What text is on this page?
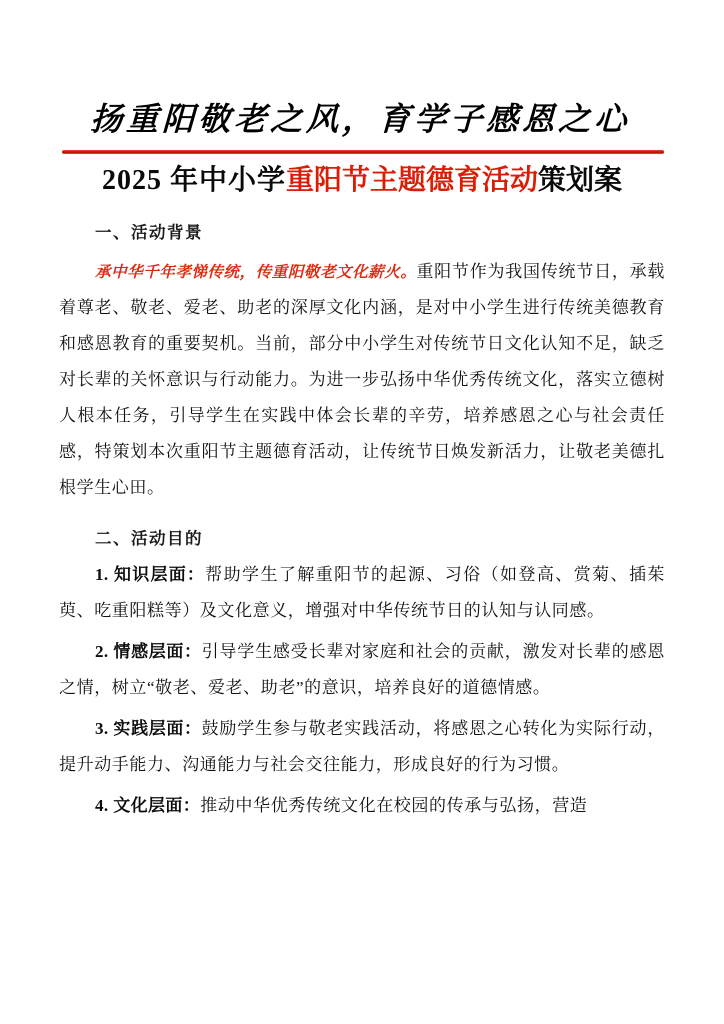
扬重阳敬老之风，育学子感恩之心
2025 年中小学重阳节主题德育活动策划案
一、活动背景

承中华千年孝悌传统，传重阳敬老文化薪火。重阳节作为我国传统节日，承载着尊老、敬老、爱老、助老的深厚文化内涵，是对中小学生进行传统美德教育和感恩教育的重要契机。当前，部分中小学生对传统节日文化认知不足，缺乏对长辈的关怀意识与行动能力。为进一步弘扬中华优秀传统文化，落实立德树人根本任务，引导学生在实践中体会长辈的辛劳，培养感恩之心与社会责任感，特策划本次重阳节主题德育活动，让传统节日焕发新活力，让敬老美德扎根学生心田。

二、活动目的

1. 知识层面：帮助学生了解重阳节的起源、习俗（如登高、赏菊、插茱萸、吃重阳糕等）及文化意义，增强对中华传统节日的认知与认同感。

2. 情感层面：引导学生感受长辈对家庭和社会的贡献，激发对长辈的感恩之情，树立“敬老、爱老、助老”的意识，培养良好的道德情感。

3. 实践层面：鼓励学生参与敬老实践活动，将感恩之心转化为实际行动，提升动手能力、沟通能力与社会交往能力，形成良好的行为习惯。

4. 文化层面：推动中华优秀传统文化在校园的传承与弘扬，营造
